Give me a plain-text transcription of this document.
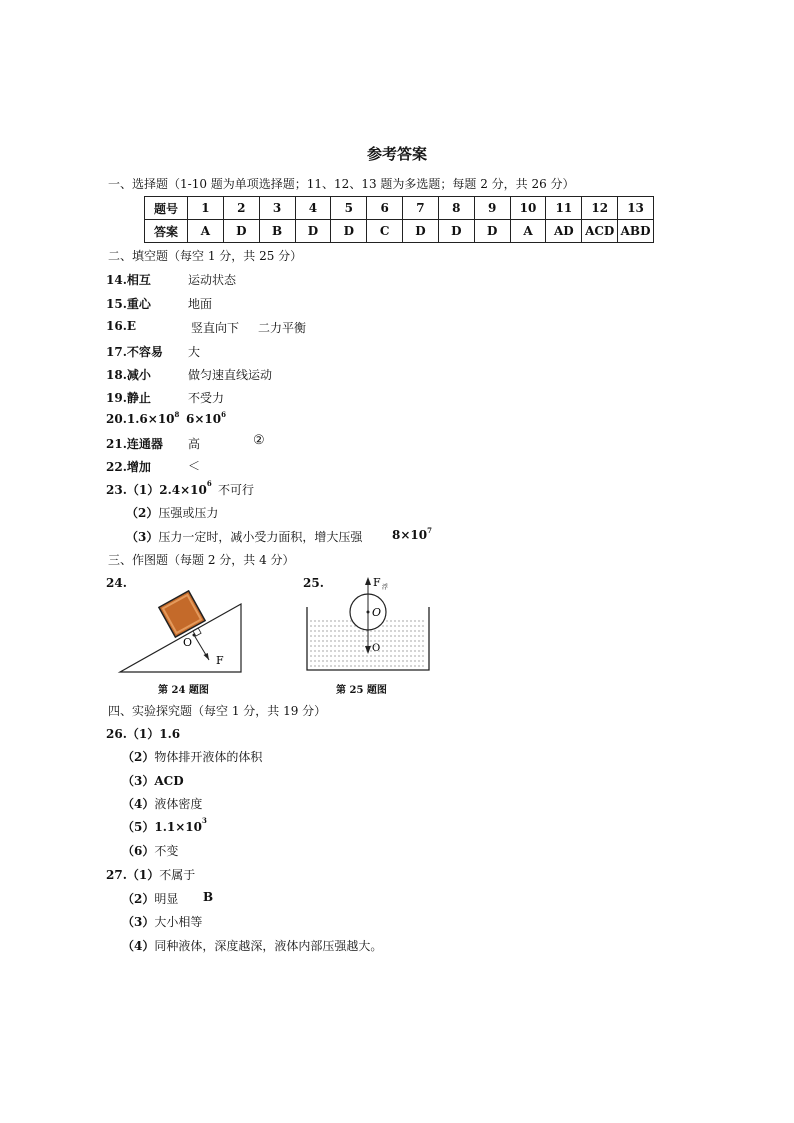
参考答案
一、选择题（1-10 题为单项选择题；11、12、13 题为多选题；每题 2 分，共 26 分）
题号	1	2	3	4	5	6	7	8	9	10	11	12	13
答案	A	D	B	D	D	C	D	D	D	A	AD	ACD	ABD
二、填空题（每空 1 分，共 25 分）
14.相互	运动状态
15.重心	地面
16.E	竖直向下 二力平衡
17.不容易 大
18.减小	做匀速直线运动
19.静止	不受力
$20.1.6\times 10^8$ $6\times 10^6$
21.连通器 高	②
22.增加	＜
$23.(1)2.4\times 10^6$ 不可行
（2）压强或压力
（3）压力一定时，减小受力面积，增大压强 $8\times 10^7$
三、作图题（每题 2 分，共 4 分）
24.	25.
O
F
第 24 题图
O
O
F 浮
第 25 题图
四、实验探究题（每空 1 分，共 19 分）
26.（1）1.6
（2）物体排开液体的体积
（3）ACD
（4）液体密度
$(5)1.1\times 10^3$
（6）不变
27.（1）不属于
（2）明显 B
（3）大小相等
（4）同种液体，深度越深，液体内部压强越大。
